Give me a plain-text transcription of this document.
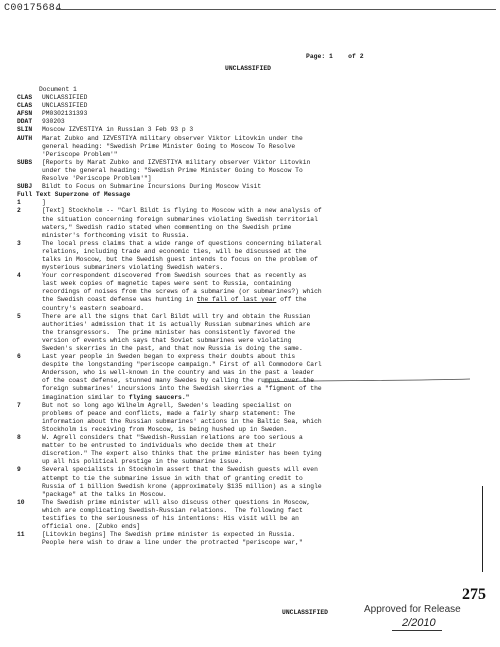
C00175684
Page: 1    of 2
UNCLASSIFIED
Document 1
CLAS	UNCLASSIFIED
CLAS	UNCLASSIFIED
AFSN	PM0302131393
DDAT	930203
SLIN	Moscow IZVESTIYA in Russian 3 Feb 93 p 3
AUTH	Marat Zubko and IZVESTIYA military observer Viktor Litovkin under the
general heading: "Swedish Prime Minister Going to Moscow To Resolve
'Periscope Problem'"
SUBS	[Reports by Marat Zubko and IZVESTIYA military observer Viktor Litovkin
under the general heading: "Swedish Prime Minister Going to Moscow To
Resolve 'Periscope Problem'"]
SUBJ	Bildt to Focus on Submarine Incursions During Moscow Visit
Full Text Superzone of Message
1	]
2	[Text] Stockholm -- "Carl Bildt is flying to Moscow with a new analysis of
the situation concerning foreign submarines violating Swedish territorial
waters," Swedish radio stated when commenting on the Swedish prime
minister's forthcoming visit to Russia.
3	The local press claims that a wide range of questions concerning bilateral
relations, including trade and economic ties, will be discussed at the
talks in Moscow, but the Swedish guest intends to focus on the problem of
mysterious submariners violating Swedish waters.
4	Your correspondent discovered from Swedish sources that as recently as
last week copies of magnetic tapes were sent to Russia, containing
recordings of noises from the screws of a submarine (or submarines?) which
the Swedish coast defense was hunting in the fall of last year off the
country's eastern seaboard.
5	There are all the signs that Carl Bildt will try and obtain the Russian
authorities' admission that it is actually Russian submarines which are
the transgressors.  The prime minister has consistently favored the
version of events which says that Soviet submarines were violating
Sweden's skerries in the past, and that now Russia is doing the same.
6	Last year people in Sweden began to express their doubts about this
despite the longstanding "periscope campaign." First of all Commodore Carl
Andersson, who is well-known in the country and was in the past a leader
of the coast defense, stunned many Swedes by calling the rumpus over the
foreign submarines' incursions into the Swedish skerries a "figment of the
imagination similar to flying saucers."
7	But not so long ago Wilhelm Agrell, Sweden's leading specialist on
problems of peace and conflicts, made a fairly sharp statement: The
information about the Russian submarines' actions in the Baltic Sea, which
Stockholm is receiving from Moscow, is being hushed up in Sweden.
8	W. Agrell considers that "Swedish-Russian relations are too serious a
matter to be entrusted to individuals who decide them at their
discretion." The expert also thinks that the prime minister has been tying
up all his political prestige in the submarine issue.
9	Several specialists in Stockholm assert that the Swedish guests will even
attempt to tie the submarine issue in with that of granting credit to
Russia of 1 billion Swedish krone (approximately $135 million) as a single
"package" at the talks in Moscow.
10	The Swedish prime minister will also discuss other questions in Moscow,
which are complicating Swedish-Russian relations.  The following fact
testifies to the seriousness of his intentions: His visit will be an
official one. [Zubko ends]
11	[Litovkin begins] The Swedish prime minister is expected in Russia.
People here wish to draw a line under the protracted "periscope war,"
UNCLASSIFIED	Approved for Release
2/2010
275
